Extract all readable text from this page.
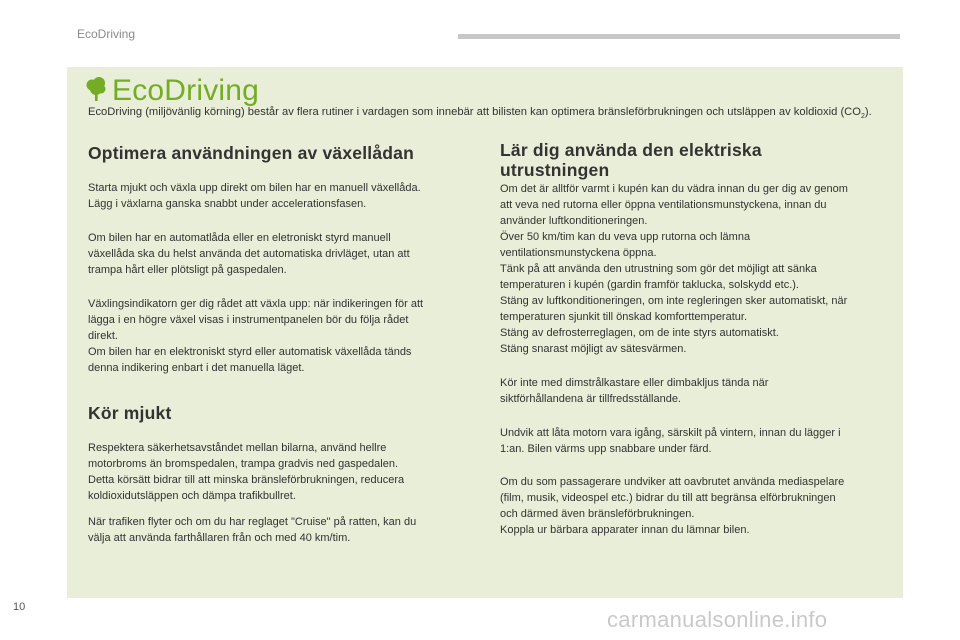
EcoDriving
EcoDriving
EcoDriving (miljövänlig körning) består av flera rutiner i vardagen som innebär att bilisten kan optimera bränsleförbrukningen och utsläppen av koldioxid $(CO_2)$.
Optimera användningen av växellådan
Starta mjukt och växla upp direkt om bilen har en manuell växellåda.
Lägg i växlarna ganska snabbt under accelerationsfasen.
Om bilen har en automatlåda eller en eletroniskt styrd manuell
växellåda ska du helst använda det automatiska drivläget, utan att
trampa hårt eller plötsligt på gaspedalen.
Växlingsindikatorn ger dig rådet att växla upp: när indikeringen för att
lägga i en högre växel visas i instrumentpanelen bör du följa rådet
direkt.
Om bilen har en elektroniskt styrd eller automatisk växellåda tänds
denna indikering enbart i det manuella läget.
Kör mjukt
Respektera säkerhetsavståndet mellan bilarna, använd hellre
motorbroms än bromspedalen, trampa gradvis ned gaspedalen.
Detta körsätt bidrar till att minska bränsleförbrukningen, reducera
koldioxidutsläppen och dämpa trafikbullret.
När trafiken flyter och om du har reglaget "Cruise" på ratten, kan du
välja att använda farthållaren från och med 40 km/tim.
Lär dig använda den elektriska
utrustningen
Om det är alltför varmt i kupén kan du vädra innan du ger dig av genom
att veva ned rutorna eller öppna ventilationsmunstyckena, innan du
använder luftkonditioneringen.
Över 50 km/tim kan du veva upp rutorna och lämna
ventilationsmunstyckena öppna.
Tänk på att använda den utrustning som gör det möjligt att sänka
temperaturen i kupén (gardin framför taklucka, solskydd etc.).
Stäng av luftkonditioneringen, om inte regleringen sker automatiskt, när
temperaturen sjunkit till önskad komforttemperatur.
Stäng av defrosterreglagen, om de inte styrs automatiskt.
Stäng snarast möjligt av sätesvärmen.
Kör inte med dimstrålkastare eller dimbakljus tända när
siktförhållandena är tillfredsställande.
Undvik att låta motorn vara igång, särskilt på vintern, innan du lägger i
1:an. Bilen värms upp snabbare under färd.
Om du som passagerare undviker att oavbrutet använda mediaspelare
(film, musik, videospel etc.) bidrar du till att begränsa elförbrukningen
och därmed även bränsleförbrukningen.
Koppla ur bärbara apparater innan du lämnar bilen.
10	carmanualsonline.info
